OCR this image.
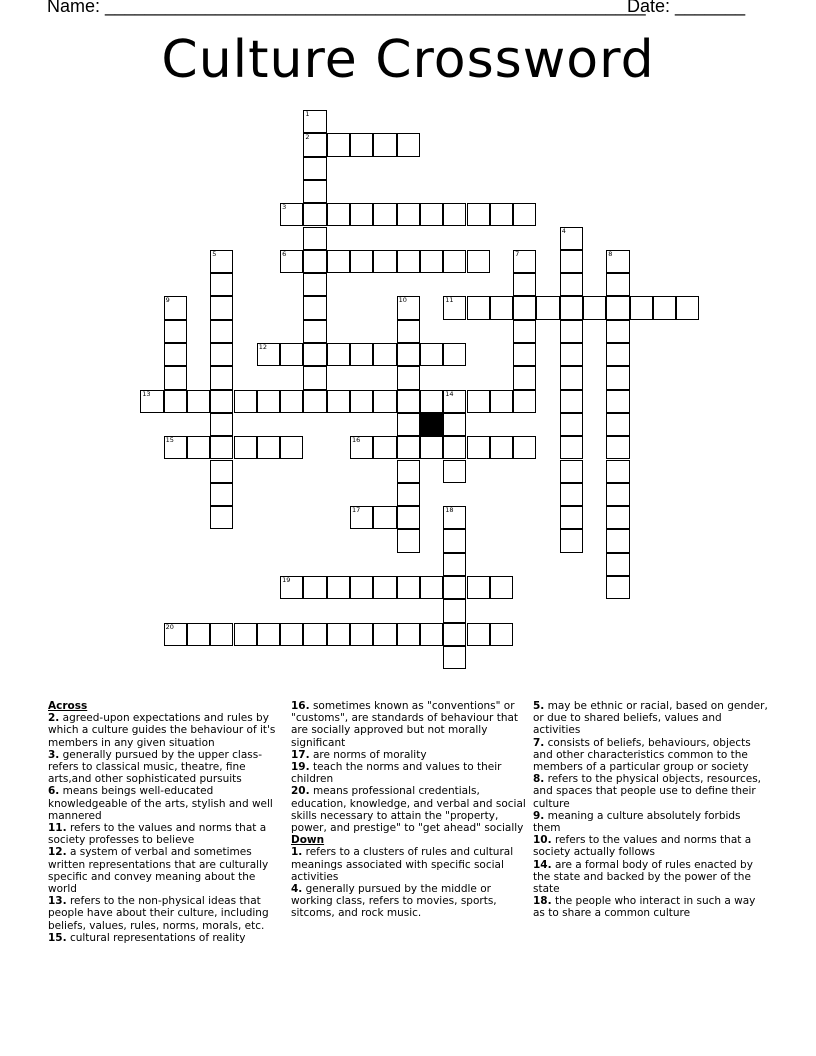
Name: ______________________________________________________
Date: _______
Culture Crossword
1
2
3
4
5	6	7	8
9	10	11
12
13	14
15	16
17	18
19
20

Across

2. agreed-upon expectations and rules by which a culture guides the behaviour of it's members in any given situation

3. generally pursued by the upper class-refers to classical music, theatre, fine arts,and other sophisticated pursuits

6. means beings well-educated knowledgeable of the arts, stylish and well mannered

11. refers to the values and norms that a society professes to believe

12. a system of verbal and sometimes written representations that are culturally specific and convey meaning about the world

13. refers to the non-physical ideas that people have about their culture, including beliefs, values, rules, norms, morals, etc.

15. cultural representations of reality

16. sometimes known as "conventions" or "customs", are standards of behaviour that are socially approved but not morally significant

17. are norms of morality

19. teach the norms and values to their children

20. means professional credentials, education, knowledge, and verbal and social skills necessary to attain the "property, power, and prestige" to "get ahead" socially

Down

1. refers to a clusters of rules and cultural meanings associated with specific social activities

4. generally pursued by the middle or working class, refers to movies, sports, sitcoms, and rock music.

5. may be ethnic or racial, based on gender, or due to shared beliefs, values and activities

7. consists of beliefs, behaviours, objects and other characteristics common to the members of a particular group or society

8. refers to the physical objects, resources, and spaces that people use to define their culture

9. meaning a culture absolutely forbids them

10. refers to the values and norms that a society actually follows

14. are a formal body of rules enacted by the state and backed by the power of the state

18. the people who interact in such a way as to share a common culture
